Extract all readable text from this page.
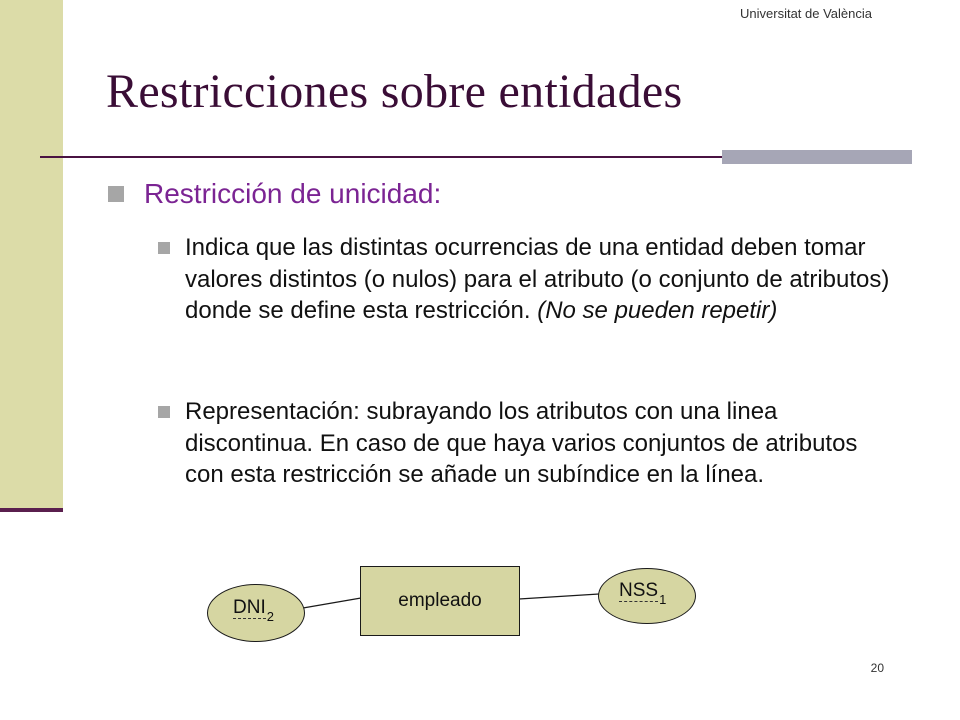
Universitat de València
Restricciones sobre entidades
Restricción de unicidad:
Indica que las distintas ocurrencias de una entidad deben tomar valores distintos (o nulos) para el atributo (o conjunto de atributos) donde se define esta restricción. (No se pueden repetir)
Representación: subrayando los atributos con una linea discontinua. En caso de que haya varios conjuntos de atributos con esta restricción se añade un subíndice en la línea.
empleado
$DNI_2$
$NSS_1$
20
